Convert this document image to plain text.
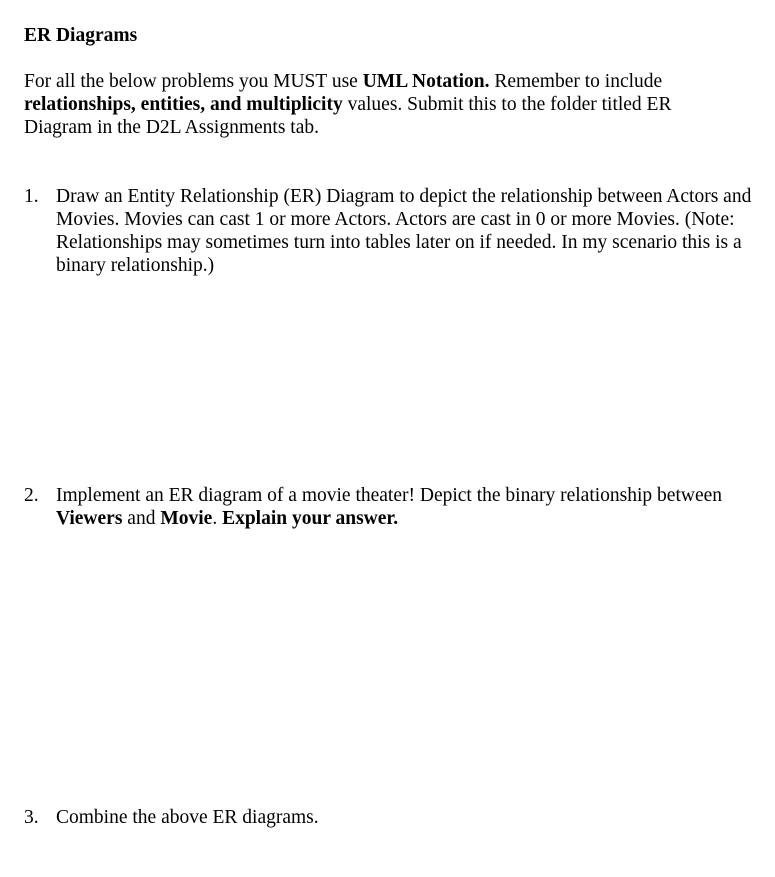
ER Diagrams
For all the below problems you MUST use UML Notation. Remember to include relationships, entities, and multiplicity values. Submit this to the folder titled ER Diagram in the D2L Assignments tab.
1. Draw an Entity Relationship (ER) Diagram to depict the relationship between Actors and Movies. Movies can cast 1 or more Actors. Actors are cast in 0 or more Movies. (Note: Relationships may sometimes turn into tables later on if needed. In my scenario this is a binary relationship.)
2. Implement an ER diagram of a movie theater! Depict the binary relationship between Viewers and Movie. Explain your answer.
3. Combine the above ER diagrams.
